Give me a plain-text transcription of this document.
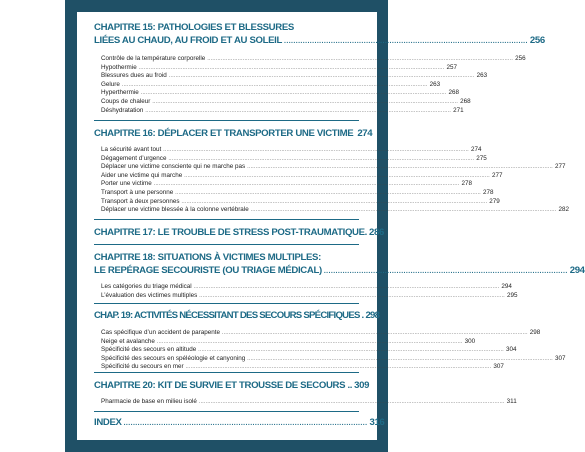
CHAPITRE 15: PATHOLOGIES ET BLESSURES
LIÉES AU CHAUD, AU FROID ET AU SOLEIL .....	256
Contrôle de la température corporelle .....	256
Hypothermie .....	257
Blessures dues au froid .....	263
Gelure .....	263
Hyperthermie .....	268
Coups de chaleur .....	268
Déshydratation .....	271
CHAPITRE 16: DÉPLACER ET TRANSPORTER UNE VICTIME 274
La sécurité avant tout .....	274
Dégagement d’urgence .....	275
Déplacer une victime consciente qui ne marche pas .....	277
Aider une victime qui marche .....	277
Porter une victime .....	278
Transport à une personne .....	278
Transport à deux personnes .....	279
Déplacer une victime blessée à la colonne vertébrale .....	282
CHAPITRE 17: LE TROUBLE DE STRESS POST-TRAUMATIQUE. 286
CHAPITRE 18: SITUATIONS À VICTIMES MULTIPLES:
LE REPÉRAGE SECOURISTE (OU TRIAGE MÉDICAL) .....	294
Les catégories du triage médical .....	294
L’évaluation des victimes multiples .....	295
CHAP. 19: ACTIVITÉS NÉCESSITANT DES SECOURS SPÉCIFIQUES . 298
Cas spécifique d’un accident de parapente .....	298
Neige et avalanche .....	300
Spécificité des secours en altitude .....	304
Spécificité des secours en spéléologie et canyoning .....	307
Spécificité du secours en mer .....	307
CHAPITRE 20: KIT DE SURVIE ET TROUSSE DE SECOURS .. 309
Pharmacie de base en milieu isolé .....	311
INDEX .....	316
